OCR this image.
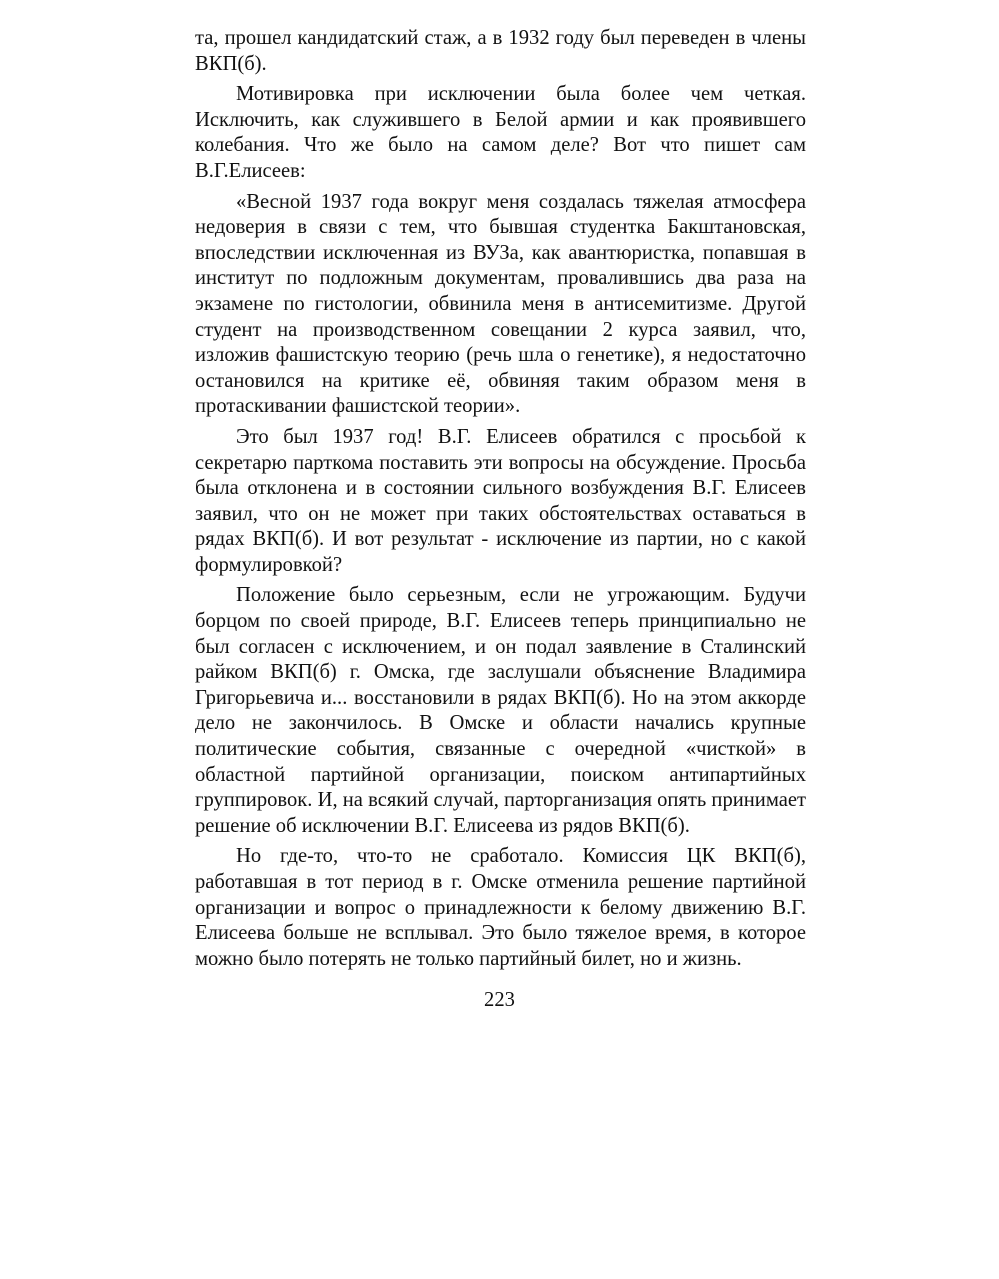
та, прошел кандидатский стаж, а в 1932 году был переведен в члены ВКП(б).

Мотивировка при исключении была более чем четкая. Исключить, как служившего в Белой армии и как проявившего колебания. Что же было на самом деле? Вот что пишет сам В.Г.Елисеев:

«Весной 1937 года вокруг меня создалась тяжелая атмосфера недоверия в связи с тем, что бывшая студентка Бакштановская, впоследствии исключенная из ВУЗа, как авантюристка, попавшая в институт по подложным документам, провалившись два раза на экзамене по гистологии, обвинила меня в антисемитизме. Другой студент на производственном совещании 2 курса заявил, что, изложив фашистскую теорию (речь шла о генетике), я недостаточно остановился на критике её, обвиняя таким образом меня в протаскивании фашистской теории».

Это был 1937 год! В.Г. Елисеев обратился с просьбой к секретарю парткома поставить эти вопросы на обсуждение. Просьба была отклонена и в состоянии сильного возбуждения В.Г. Елисеев заявил, что он не может при таких обстоятельствах оставаться в рядах ВКП(б). И вот результат - исключение из партии, но с какой формулировкой?

Положение было серьезным, если не угрожающим. Будучи борцом по своей природе, В.Г. Елисеев теперь принципиально не был согласен с исключением, и он подал заявление в Сталинский райком ВКП(б) г. Омска, где заслушали объяснение Владимира Григорьевича и... восстановили в рядах ВКП(б). Но на этом аккорде дело не закончилось. В Омске и области начались крупные политические события, связанные с очередной «чисткой» в областной партийной организации, поиском антипартийных группировок. И, на всякий случай, парторганизация опять принимает решение об исключении В.Г. Елисеева из рядов ВКП(б).

Но где-то, что-то не сработало. Комиссия ЦК ВКП(б), работавшая в тот период в г. Омске отменила решение партийной организации и вопрос о принадлежности к белому движению В.Г. Елисеева больше не всплывал. Это было тяжелое время, в которое можно было потерять не только партийный билет, но и жизнь.

223
